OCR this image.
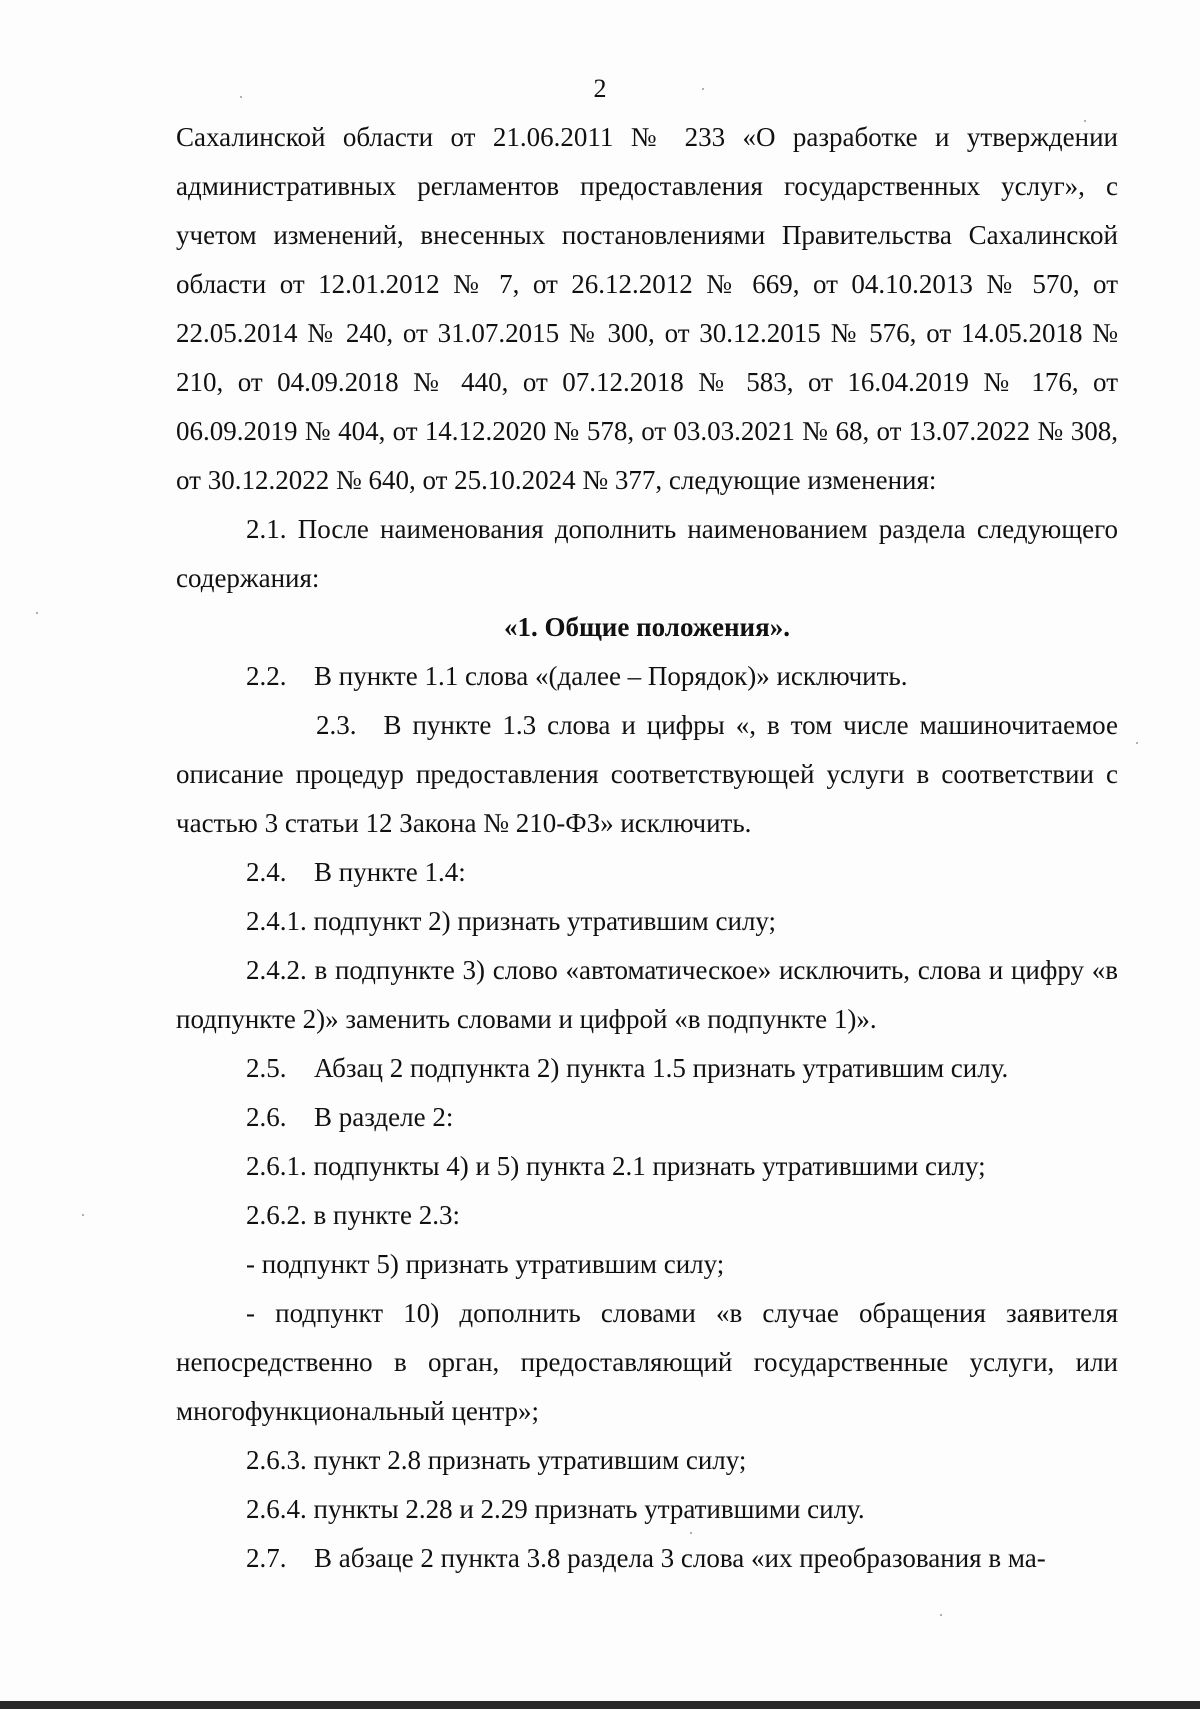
2

Сахалинской области от 21.06.2011 № 233 «О разработке и утверждении административных регламентов предоставления государственных услуг», с учетом изменений, внесенных постановлениями Правительства Сахалинской области от 12.01.2012 № 7, от 26.12.2012 № 669, от 04.10.2013 № 570, от 22.05.2014 № 240, от 31.07.2015 № 300, от 30.12.2015 № 576, от 14.05.2018 № 210, от 04.09.2018 № 440, от 07.12.2018 № 583, от 16.04.2019 № 176, от 06.09.2019 № 404, от 14.12.2020 № 578, от 03.03.2021 № 68, от 13.07.2022 № 308, от 30.12.2022 № 640, от 25.10.2024 № 377, следующие изменения:

2.1. После наименования дополнить наименованием раздела следующего содержания:

«1. Общие положения».

2.2.	В пункте 1.1 слова «(далее – Порядок)» исключить.

2.3. В пункте 1.3 слова и цифры «, в том числе машиночитаемое описание процедур предоставления соответствующей услуги в соответствии с частью 3 статьи 12 Закона № 210-ФЗ» исключить.

2.4.	В пункте 1.4:

2.4.1. подпункт 2) признать утратившим силу;

2.4.2. в подпункте 3) слово «автоматическое» исключить, слова и цифру «в подпункте 2)» заменить словами и цифрой «в подпункте 1)».

2.5.	Абзац 2 подпункта 2) пункта 1.5 признать утратившим силу.
2.6.	В разделе 2:

2.6.1. подпункты 4) и 5) пункта 2.1 признать утратившими силу;

2.6.2. в пункте 2.3:

- подпункт 5) признать утратившим силу;

- подпункт 10) дополнить словами «в случае обращения заявителя непосредственно в орган, предоставляющий государственные услуги, или многофункциональный центр»;

2.6.3. пункт 2.8 признать утратившим силу;

2.6.4. пункты 2.28 и 2.29 признать утратившими силу.

2.7.	В абзаце 2 пункта 3.8 раздела 3 слова «их преобразования в ма-
